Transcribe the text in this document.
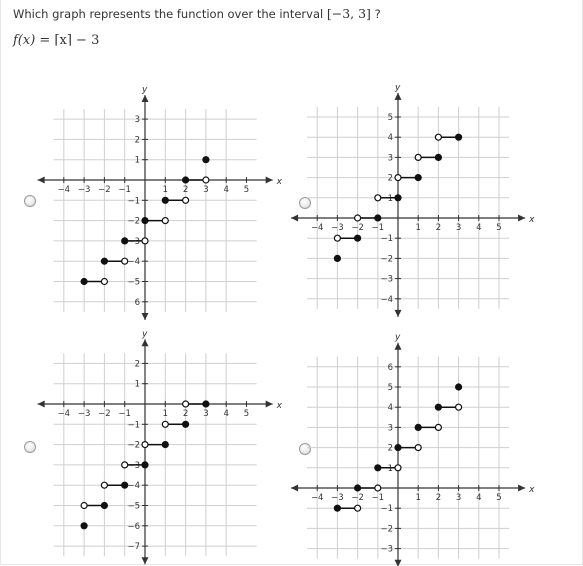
Which graph represents the function over the interval [−3, 3] ?
f(x) = ⌈x⌉ − 3
x
y
−4 −3 −2 −1	1 2 3 4 5
6
−5
−4
−3
−2
−1
1
2
3
x
y
−4 −3 −2 −1	1 2 3 4 5
−4
−3
−2
−1
1
2
3
4
5
x
y
−4 −3 −2 −1	1 2 3 4 5
−7
−6
−5
−4
−3
−2
−1
1
2
x
y
−4 −3 −2 −1	1 2 3 4 5
−3
−2
−1
1
2
3
4
5
6
